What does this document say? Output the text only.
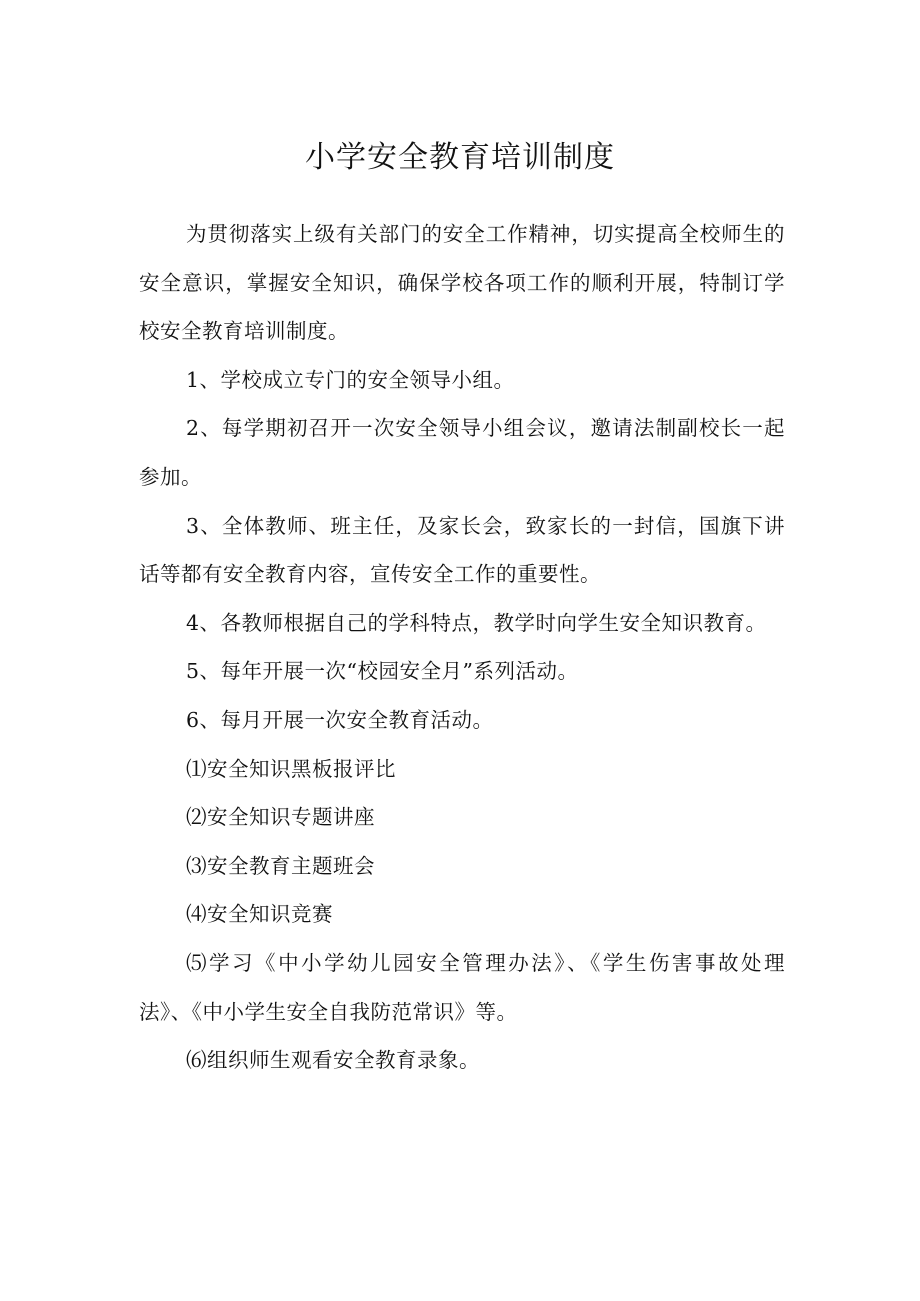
小学安全教育培训制度

为贯彻落实上级有关部门的安全工作精神，切实提高全校师生的安全意识，掌握安全知识，确保学校各项工作的顺利开展，特制订学校安全教育培训制度。

1、学校成立专门的安全领导小组。

2、每学期初召开一次安全领导小组会议，邀请法制副校长一起参加。

3、全体教师、班主任，及家长会，致家长的一封信，国旗下讲话等都有安全教育内容，宣传安全工作的重要性。

4、各教师根据自己的学科特点，教学时向学生安全知识教育。

5、每年开展一次“校园安全月”系列活动。

6、每月开展一次安全教育活动。

⑴安全知识黑板报评比

⑵安全知识专题讲座

⑶安全教育主题班会

⑷安全知识竞赛

⑸学习《中小学幼儿园安全管理办法》、《学生伤害事故处理法》、《中小学生安全自我防范常识》等。

⑹组织师生观看安全教育录象。
